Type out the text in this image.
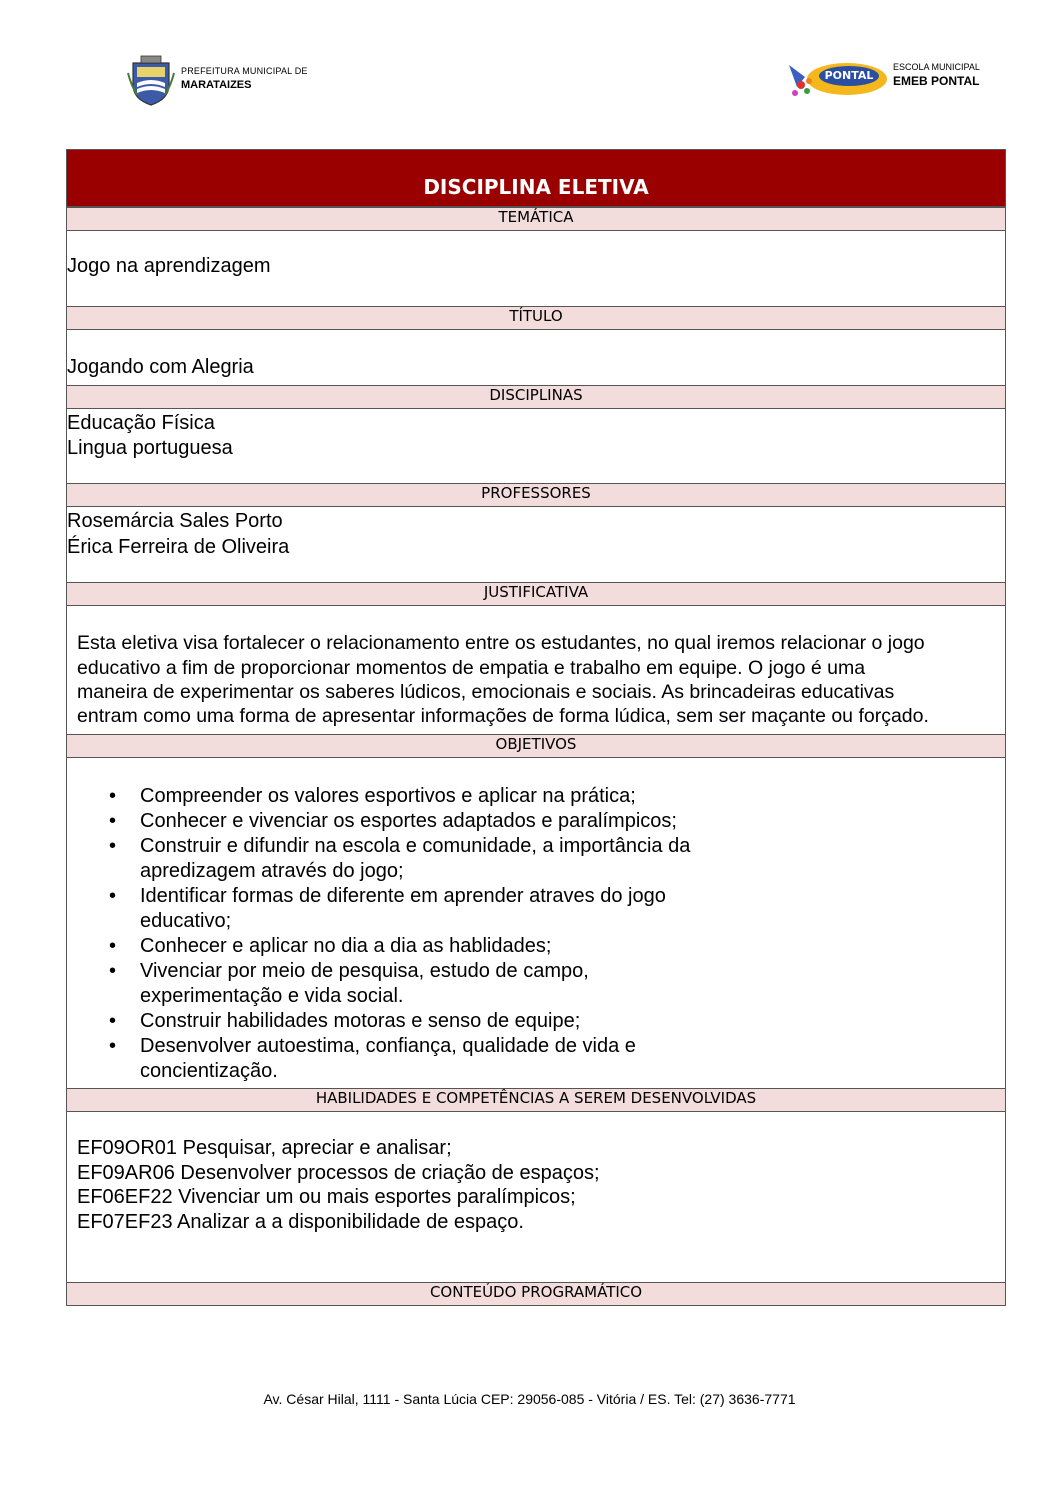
PREFEITURA MUNICIPAL DE
MARATAIZES
PONTAL
ESCOLA MUNICIPAL
EMEB PONTAL
DISCIPLINA ELETIVA
TEMÁTICA
Jogo na aprendizagem
TÍTULO
Jogando com Alegria
DISCIPLINAS
Educação Física
Lingua portuguesa
PROFESSORES
Rosemárcia Sales Porto
Érica Ferreira de Oliveira
JUSTIFICATIVA
Esta eletiva visa fortalecer o relacionamento entre os estudantes, no qual iremos relacionar o jogo
educativo a fim de proporcionar momentos de empatia e trabalho em equipe. O jogo é uma
maneira de experimentar os saberes lúdicos, emocionais e sociais. As brincadeiras educativas
entram como uma forma de apresentar informações de forma lúdica, sem ser maçante ou forçado.
OBJETIVOS
• Compreender os valores esportivos e aplicar na prática;
• Conhecer e vivenciar os esportes adaptados e paralímpicos;
• Construir e difundir na escola e comunidade, a importância da
apredizagem através do jogo;
• Identificar formas de diferente em aprender atraves do jogo
educativo;
• Conhecer e aplicar no dia a dia as hablidades;
• Vivenciar por meio de pesquisa, estudo de campo,
experimentação e vida social.
• Construir habilidades motoras e senso de equipe;
• Desenvolver autoestima, confiança, qualidade de vida e
concientização.
HABILIDADES E COMPETÊNCIAS A SEREM DESENVOLVIDAS
EF09OR01 Pesquisar, apreciar e analisar;
EF09AR06 Desenvolver processos de criação de espaços;
EF06EF22 Vivenciar um ou mais esportes paralímpicos;
EF07EF23 Analizar a a disponibilidade de espaço.
CONTEÚDO PROGRAMÁTICO
Av. César Hilal, 1111 - Santa Lúcia CEP: 29056-085 - Vitória / ES. Tel: (27) 3636-7771
